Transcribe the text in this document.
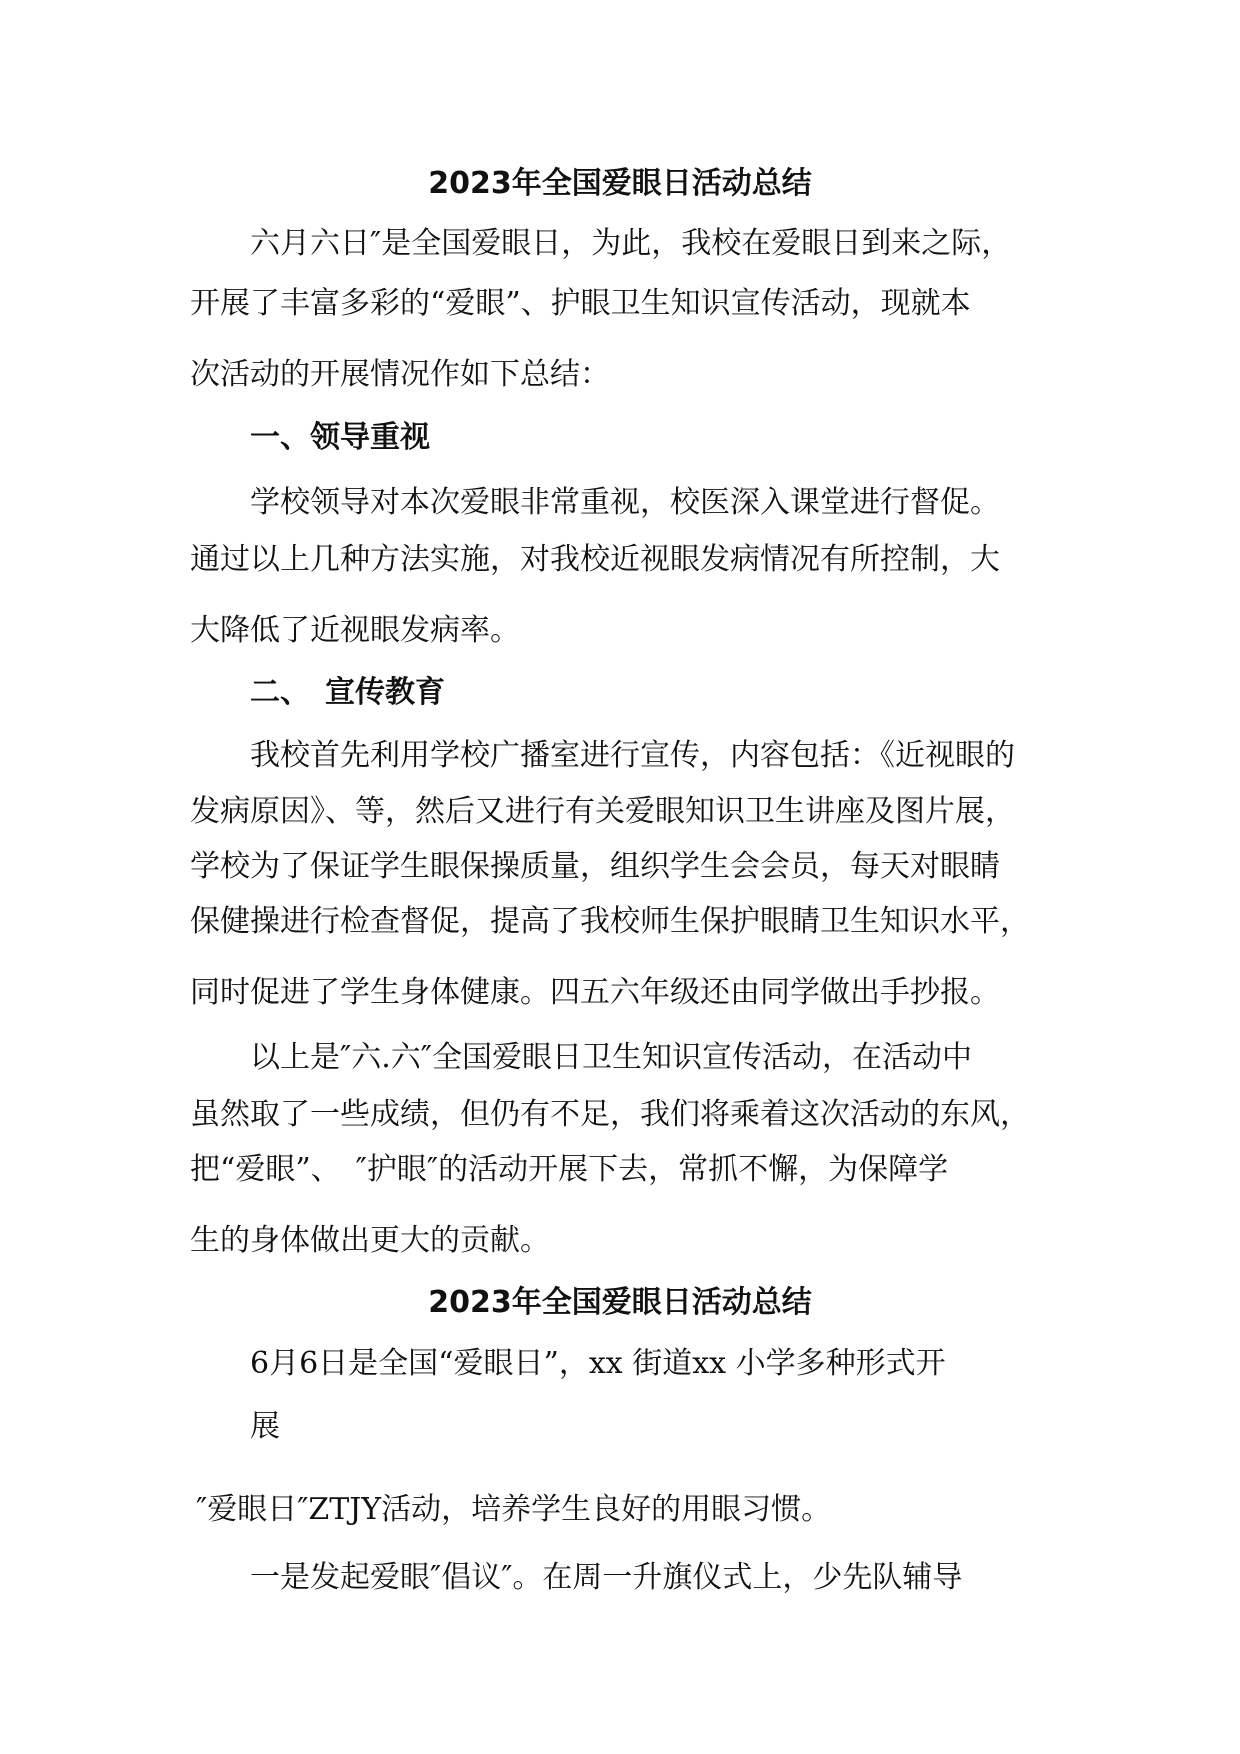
2023年全国爱眼日活动总结
六月六日″是全国爱眼日，为此，我校在爱眼日到来之际，
开展了丰富多彩的“爱眼”、护眼卫生知识宣传活动，现就本
次活动的开展情况作如下总结：
一、领导重视
学校领导对本次爱眼非常重视，校医深入课堂进行督促。
通过以上几种方法实施，对我校近视眼发病情况有所控制，大
大降低了近视眼发病率。
二、　宣传教育
我校首先利用学校广播室进行宣传，内容包括：《近视眼的
发病原因》、等，然后又进行有关爱眼知识卫生讲座及图片展，
学校为了保证学生眼保操质量，组织学生会会员，每天对眼睛
保健操进行检查督促，提高了我校师生保护眼睛卫生知识水平，
同时促进了学生身体健康。四五六年级还由同学做出手抄报。
以上是″六.六″全国爱眼日卫生知识宣传活动，在活动中
虽然取了一些成绩，但仍有不足，我们将乘着这次活动的东风，
把“爱眼”、　″护眼″的活动开展下去，常抓不懈，为保障学
生的身体做出更大的贡献。
2023年全国爱眼日活动总结
6月6日是全国“爱眼日”，xx 街道xx 小学多种形式开
展
″爱眼日″ZTJY活动，培养学生良好的用眼习惯。
一是发起爱眼″倡议″。在周一升旗仪式上，少先队辅导
